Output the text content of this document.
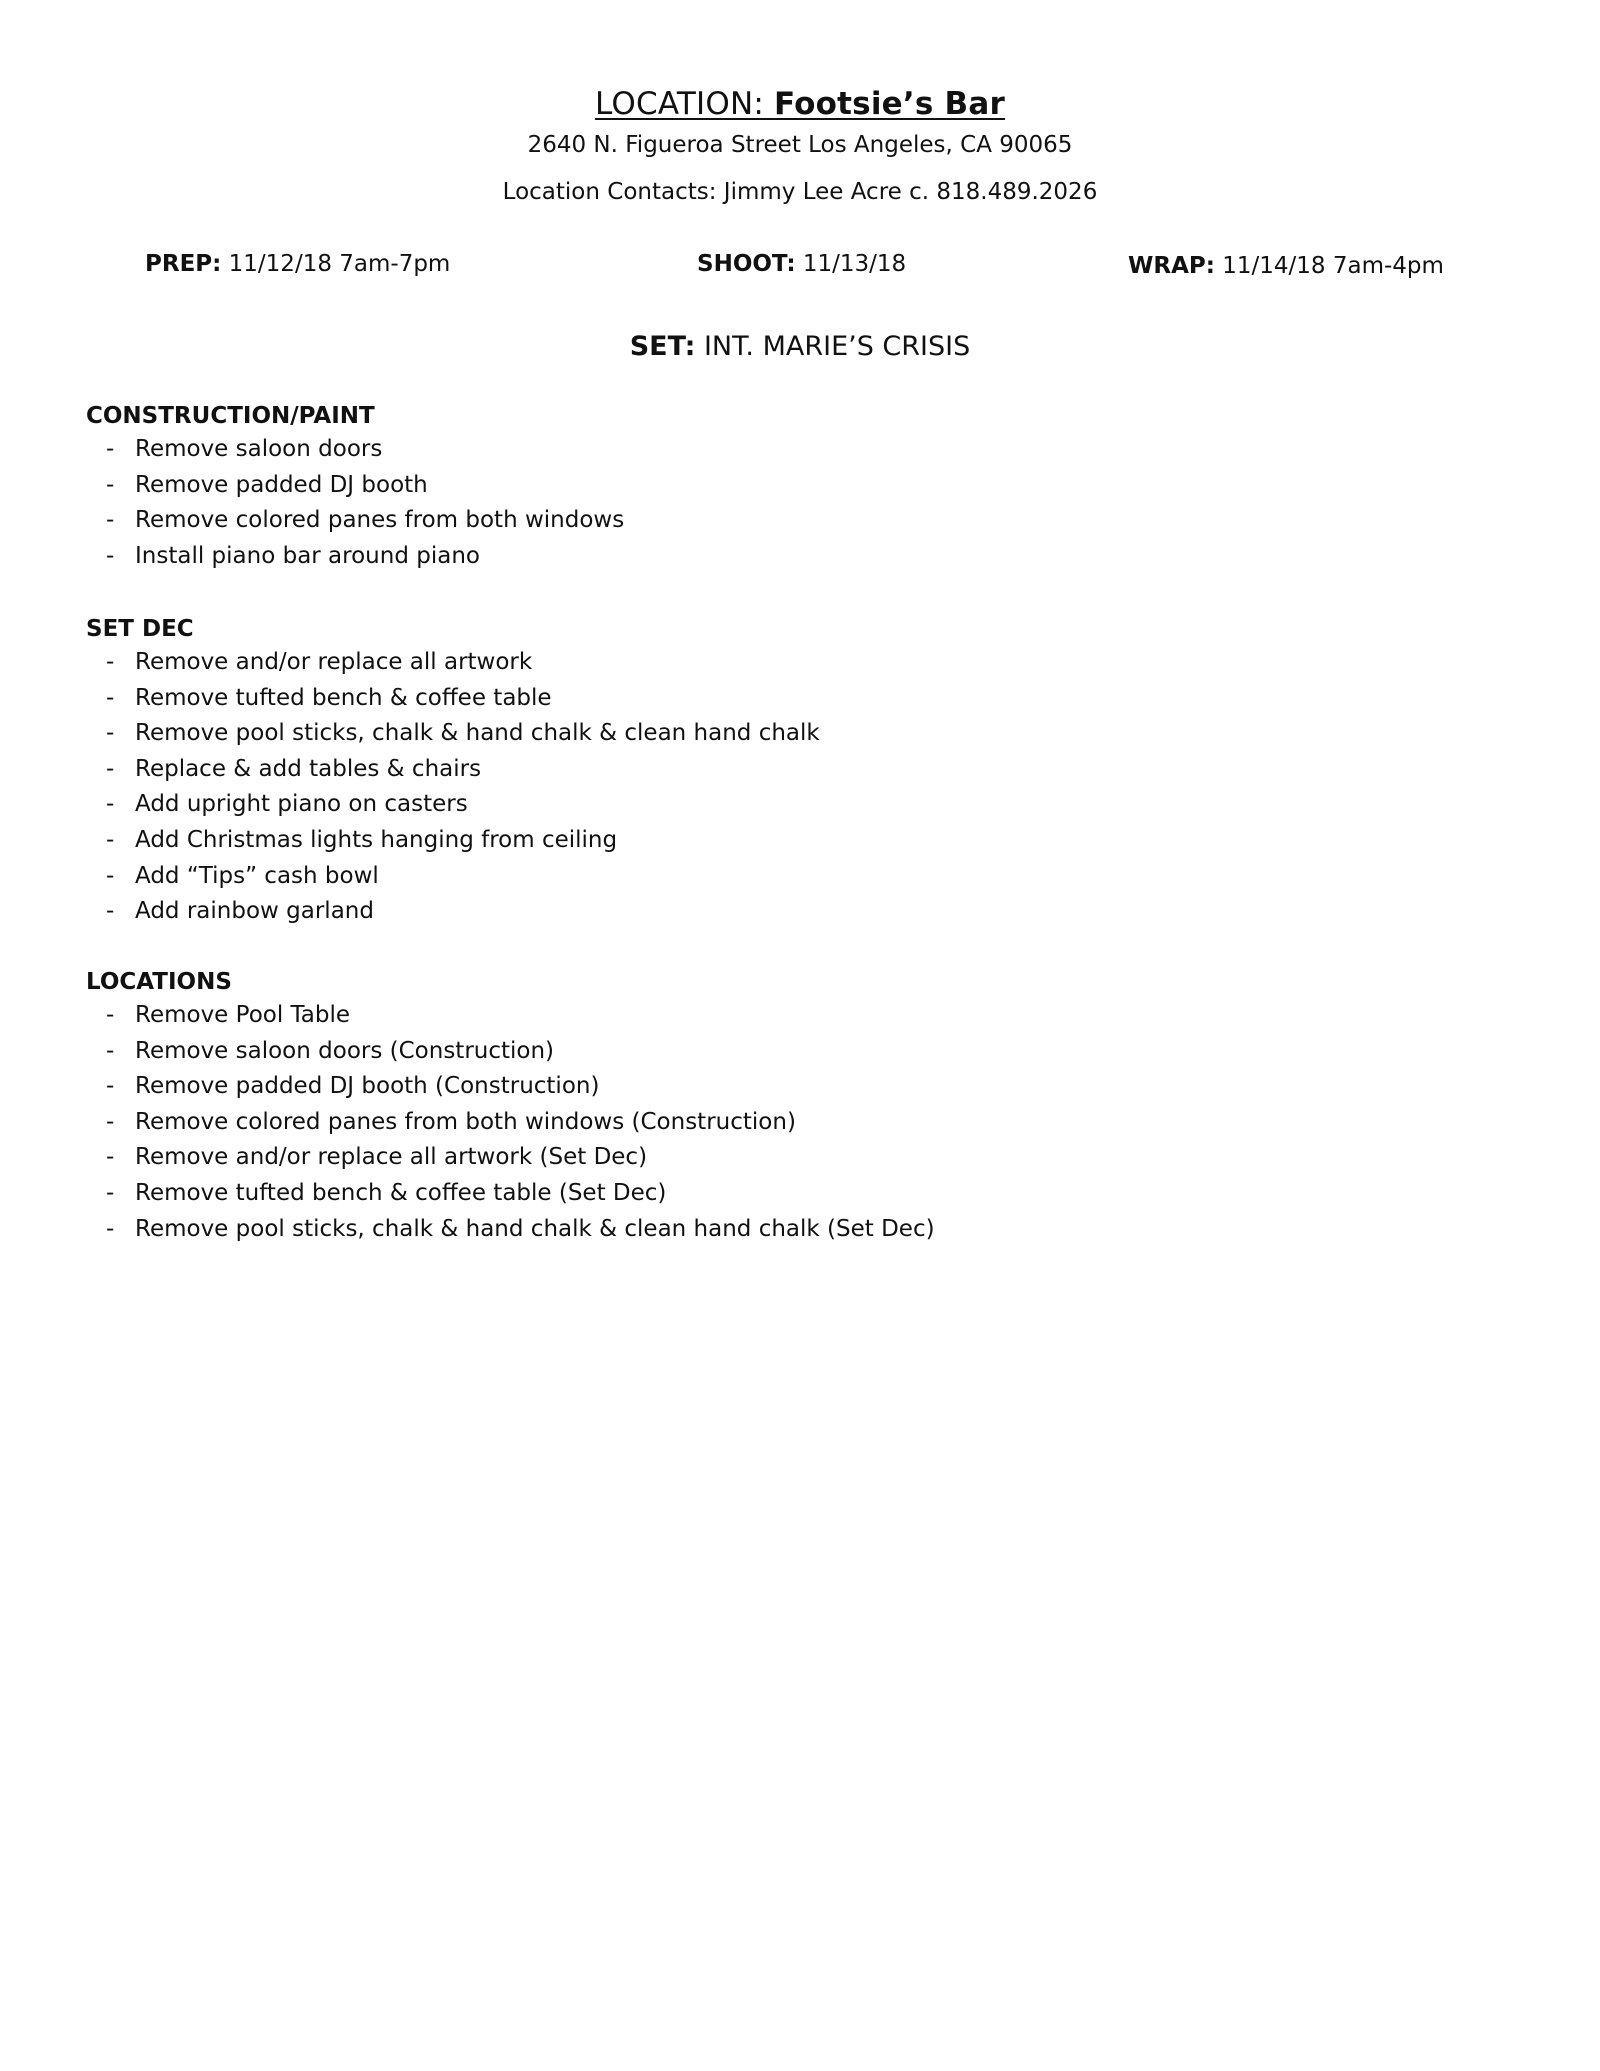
LOCATION: Footsie’s Bar
2640 N. Figueroa Street Los Angeles, CA 90065
Location Contacts: Jimmy Lee Acre c. 818.489.2026
PREP: 11/12/18 7am-7pm	SHOOT: 11/13/18	WRAP: 11/14/18 7am-4pm
SET: INT. MARIE’S CRISIS
CONSTRUCTION/PAINT
- Remove saloon doors
- Remove padded DJ booth
- Remove colored panes from both windows
- Install piano bar around piano
SET DEC
- Remove and/or replace all artwork
- Remove tufted bench & coffee table
- Remove pool sticks, chalk & hand chalk & clean hand chalk
- Replace & add tables & chairs
- Add upright piano on casters
- Add Christmas lights hanging from ceiling
- Add “Tips” cash bowl
- Add rainbow garland
LOCATIONS
- Remove Pool Table
- Remove saloon doors (Construction)
- Remove padded DJ booth (Construction)
- Remove colored panes from both windows (Construction)
- Remove and/or replace all artwork (Set Dec)
- Remove tufted bench & coffee table (Set Dec)
- Remove pool sticks, chalk & hand chalk & clean hand chalk (Set Dec)
